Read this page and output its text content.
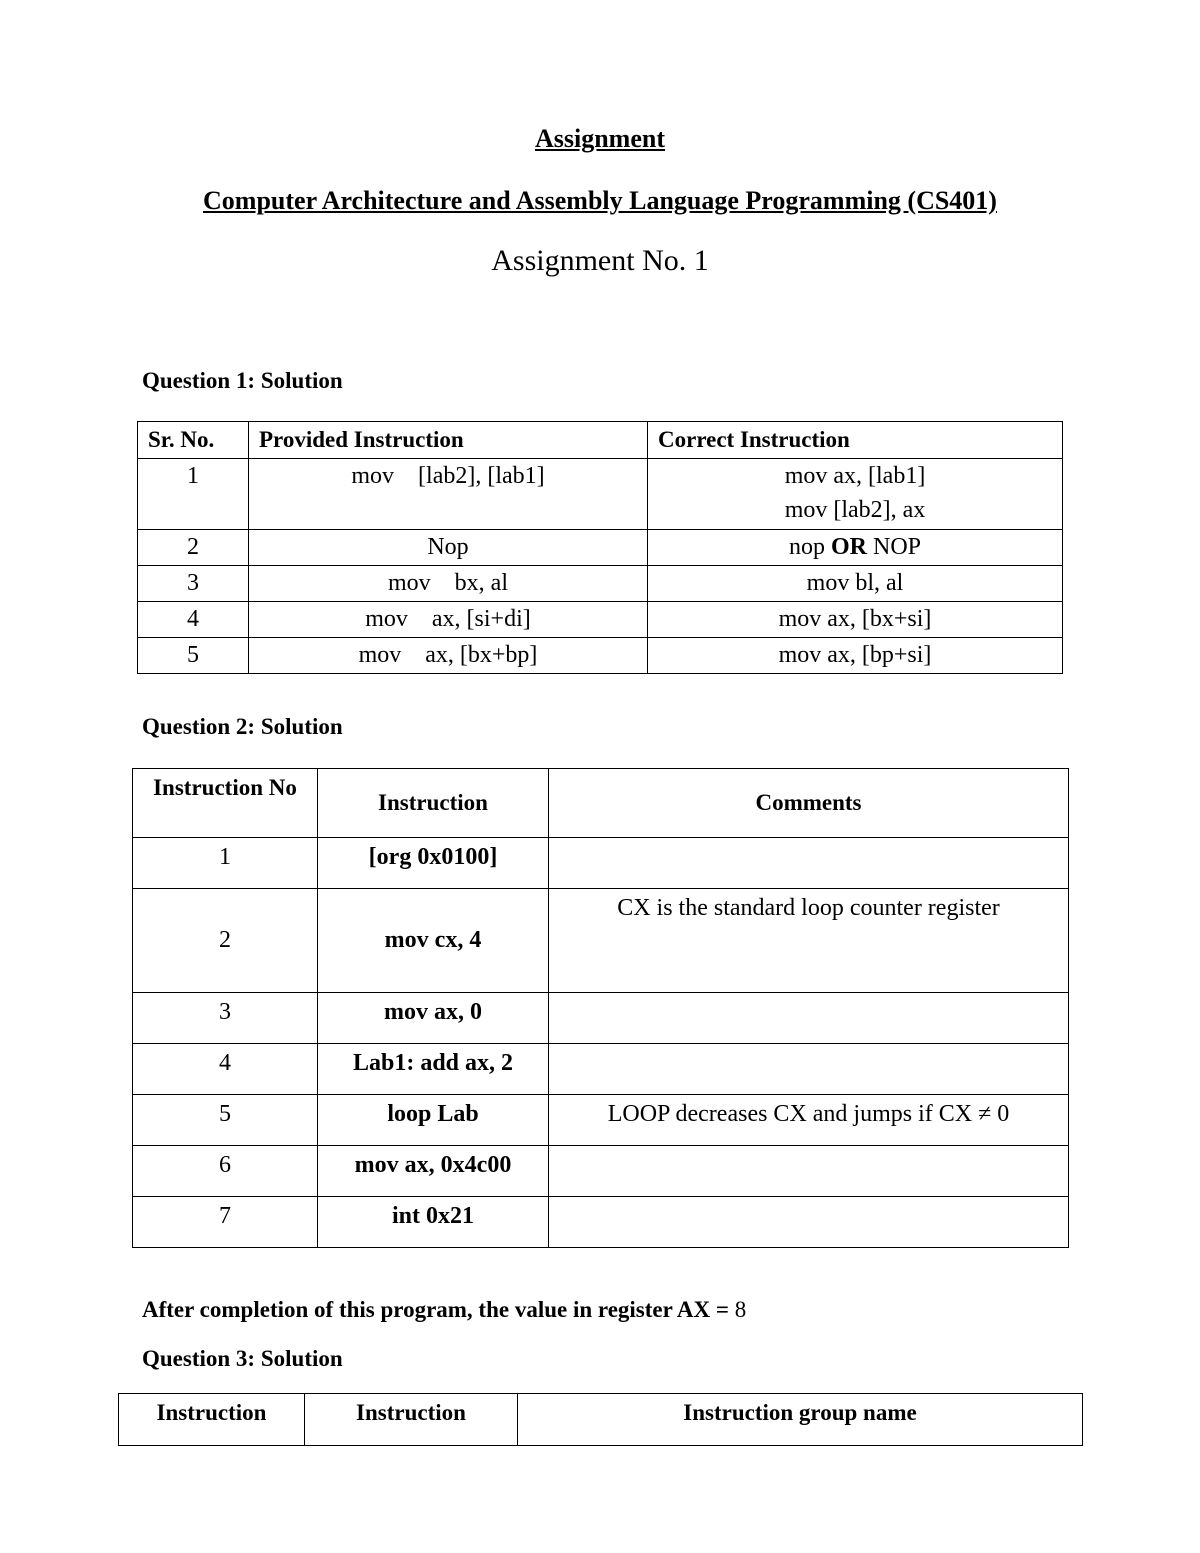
Assignment
Computer Architecture and Assembly Language Programming (CS401)
Assignment No. 1
Question 1: Solution
Sr. No.	Provided Instruction	Correct Instruction
1	mov    [lab2], [lab1]	mov ax, [lab1]
mov [lab2], ax

2	Nop	nop OR NOP
3	mov    bx, al	mov bl, al
4	mov    ax, [si+di]	mov ax, [bx+si]
5	mov    ax, [bx+bp]	mov ax, [bp+si]
Question 2: Solution
Instruction No	Instruction	Comments
1	[org 0x0100]	
2	mov cx, 4	CX is the standard loop counter register
3	mov ax, 0	
4	Lab1: add ax, 2	
5	loop Lab	LOOP decreases CX and jumps if CX ≠ 0
6	mov ax, 0x4c00	
7	int 0x21	
After completion of this program, the value in register AX = 8
Question 3: Solution
Instruction	Instruction	Instruction group name
